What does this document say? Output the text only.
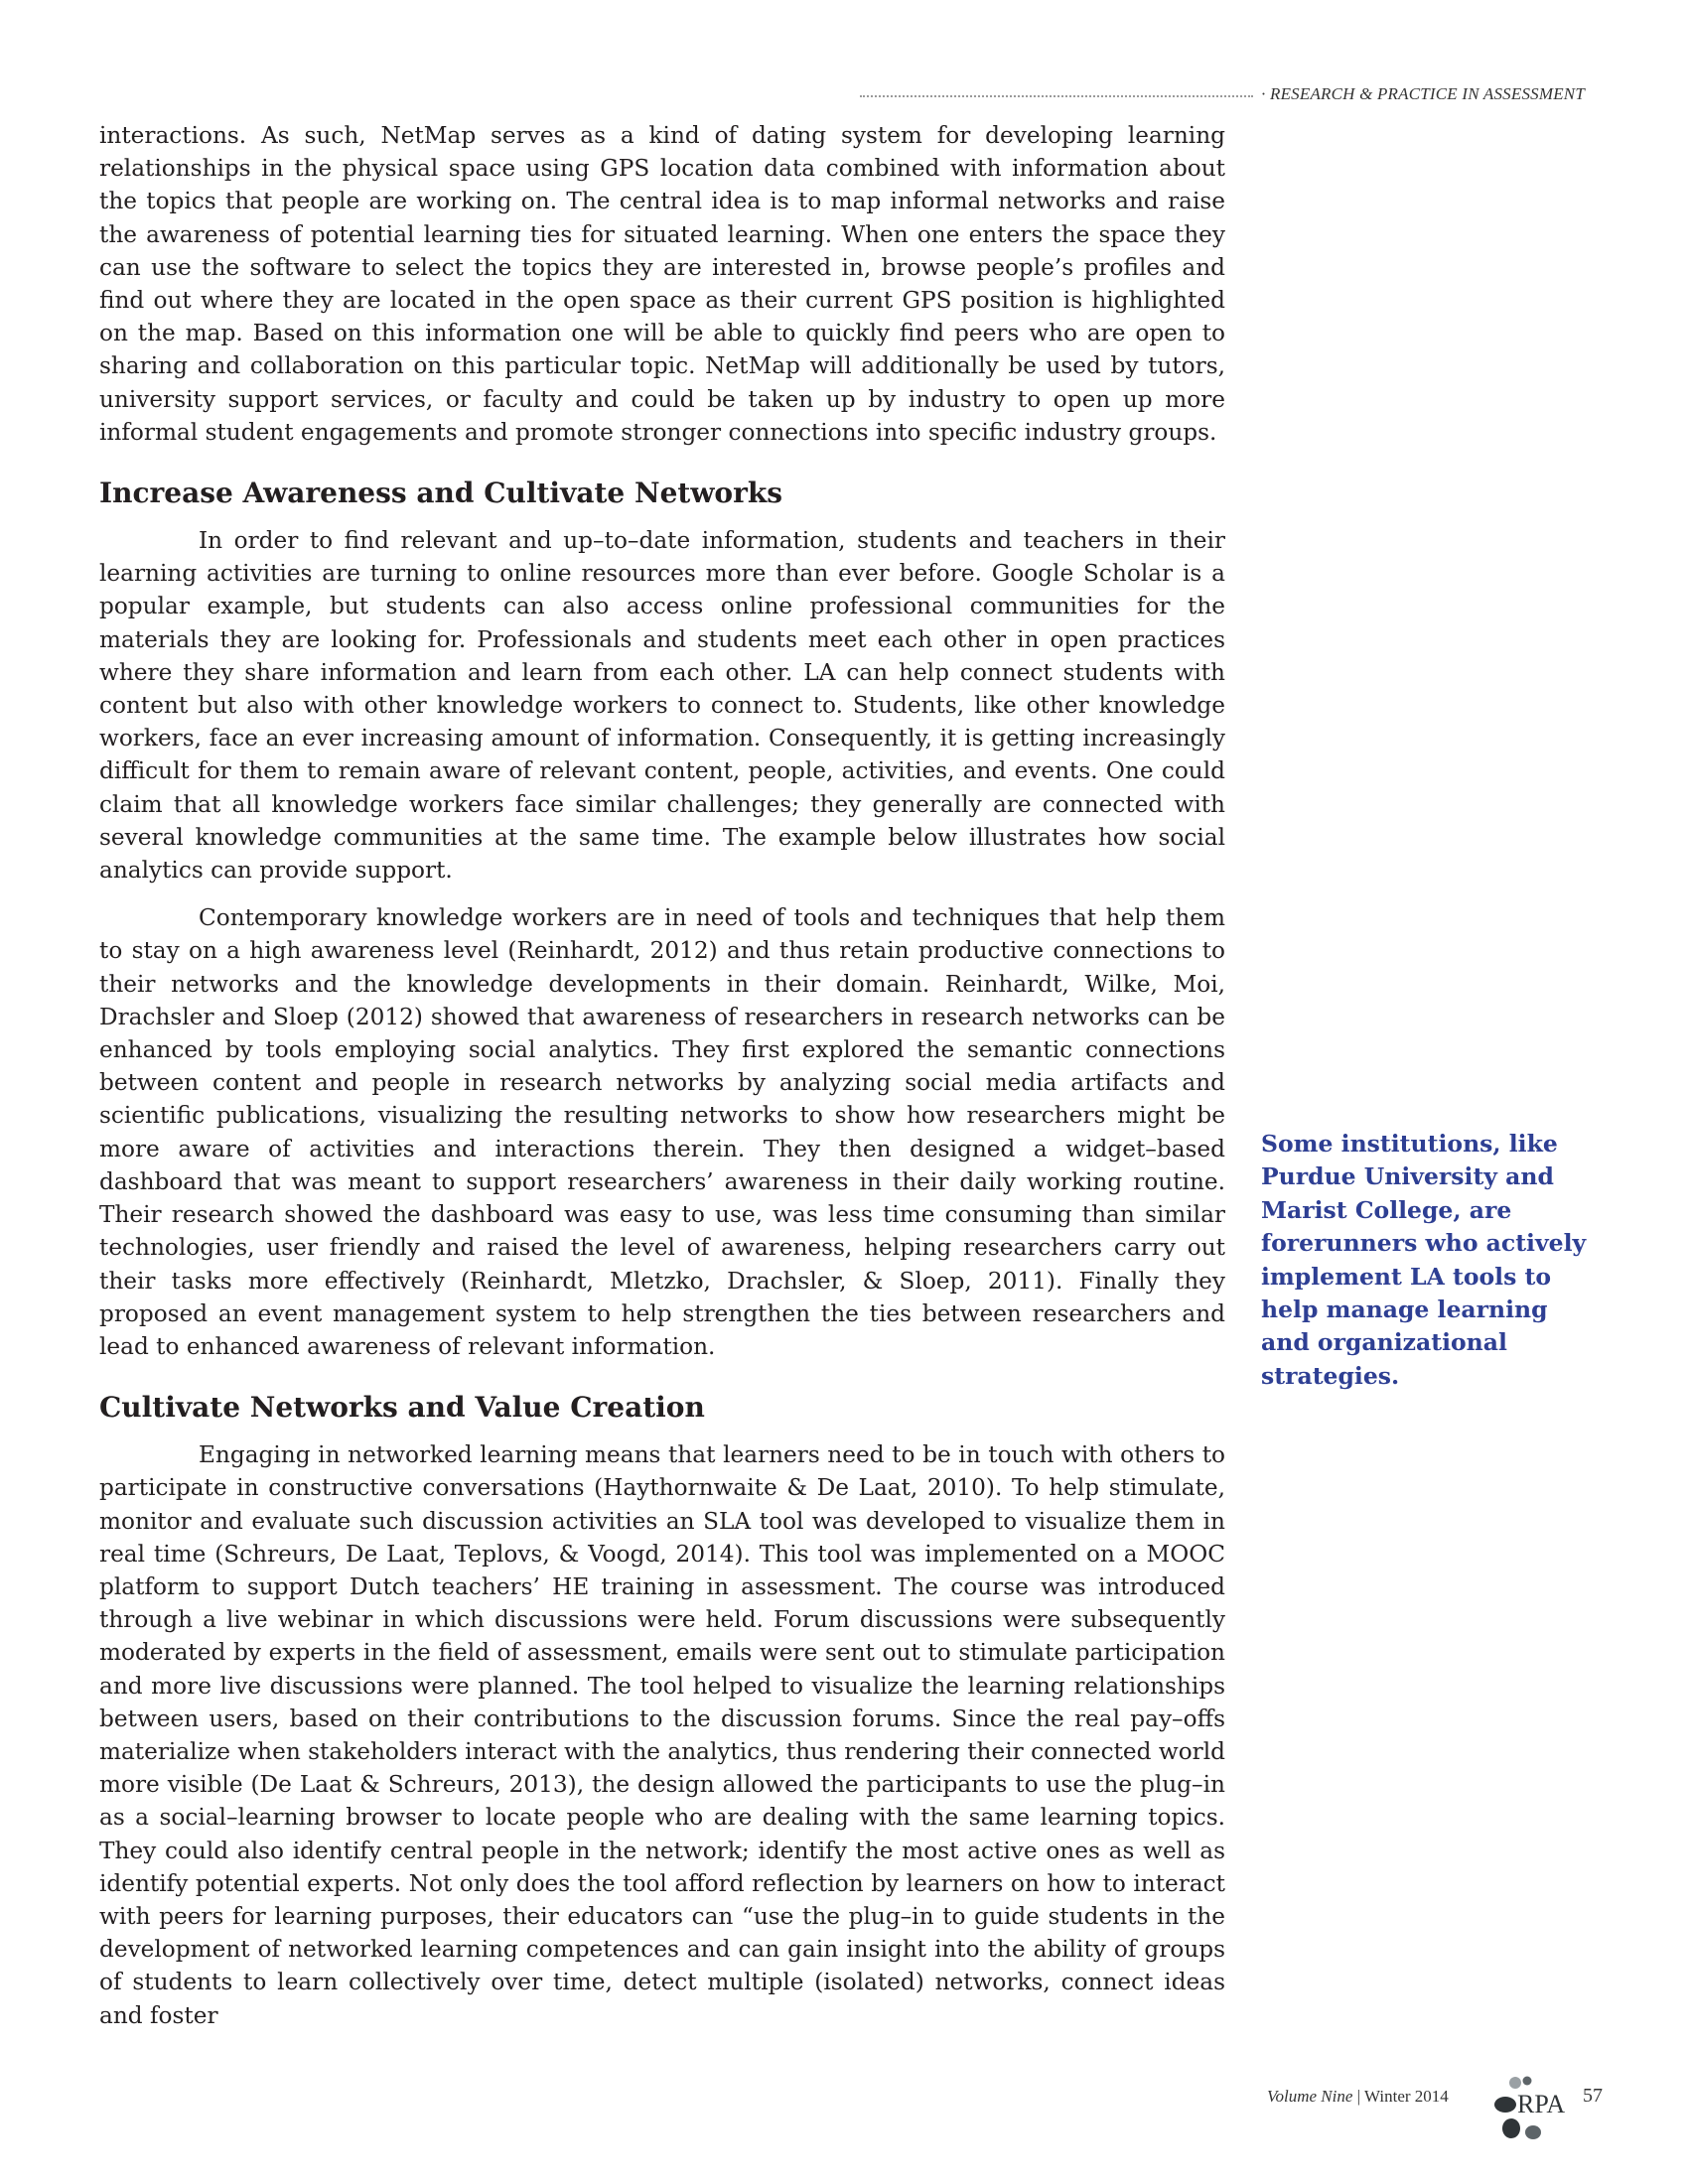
· RESEARCH & PRACTICE IN ASSESSMENT

interactions. As such, NetMap serves as a kind of dating system for developing learning relationships in the physical space using GPS location data combined with information about the topics that people are working on. The central idea is to map informal networks and raise the awareness of potential learning ties for situated learning. When one enters the space they can use the software to select the topics they are interested in, browse people’s profiles and find out where they are located in the open space as their current GPS position is highlighted on the map. Based on this information one will be able to quickly find peers who are open to sharing and collaboration on this particular topic. NetMap will additionally be used by tutors, university support services, or faculty and could be taken up by industry to open up more informal student engagements and promote stronger connections into specific industry groups.

Increase Awareness and Cultivate Networks

In order to find relevant and up–to–date information, students and teachers in their learning activities are turning to online resources more than ever before. Google Scholar is a popular example, but students can also access online professional communities for the materials they are looking for. Professionals and students meet each other in open practices where they share information and learn from each other. LA can help connect students with content but also with other knowledge workers to connect to. Students, like other knowledge workers, face an ever increasing amount of information. Consequently, it is getting increasingly difficult for them to remain aware of relevant content, people, activities, and events. One could claim that all knowledge workers face similar challenges; they generally are connected with several knowledge communities at the same time. The example below illustrates how social analytics can provide support.

Contemporary knowledge workers are in need of tools and techniques that help them to stay on a high awareness level (Reinhardt, 2012) and thus retain productive connections to their networks and the knowledge developments in their domain. Reinhardt, Wilke, Moi, Drachsler and Sloep (2012) showed that awareness of researchers in research networks can be enhanced by tools employing social analytics. They first explored the semantic connections between content and people in research networks by analyzing social media artifacts and scientific publications, visualizing the resulting networks to show how researchers might be more aware of activities and interactions therein. They then designed a widget–based dashboard that was meant to support researchers’ awareness in their daily working routine. Their research showed the dashboard was easy to use, was less time consuming than similar technologies, user friendly and raised the level of awareness, helping researchers carry out their tasks more effectively (Reinhardt, Mletzko, Drachsler, & Sloep, 2011). Finally they proposed an event management system to help strengthen the ties between researchers and lead to enhanced awareness of relevant information.

Cultivate Networks and Value Creation

Engaging in networked learning means that learners need to be in touch with others to participate in constructive conversations (Haythornwaite & De Laat, 2010). To help stimulate, monitor and evaluate such discussion activities an SLA tool was developed to visualize them in real time (Schreurs, De Laat, Teplovs, & Voogd, 2014). This tool was implemented on a MOOC platform to support Dutch teachers’ HE training in assessment. The course was introduced through a live webinar in which discussions were held. Forum discussions were subsequently moderated by experts in the field of assessment, emails were sent out to stimulate participation and more live discussions were planned. The tool helped to visualize the learning relationships between users, based on their contributions to the discussion forums. Since the real pay–offs materialize when stakeholders interact with the analytics, thus rendering their connected world more visible (De Laat & Schreurs, 2013), the design allowed the participants to use the plug–in as a social–learning browser to locate people who are dealing with the same learning topics. They could also identify central people in the network; identify the most active ones as well as identify potential experts. Not only does the tool afford reflection by learners on how to interact with peers for learning purposes, their educators can “use the plug–in to guide students in the development of networked learning competences and can gain insight into the ability of groups of students to learn collectively over time, detect multiple (isolated) networks, connect ideas and foster

Some institutions, like Purdue University and Marist College, are forerunners who actively implement LA tools to help manage learning and organizational strategies.
Volume Nine | Winter 2014	RPA 57
